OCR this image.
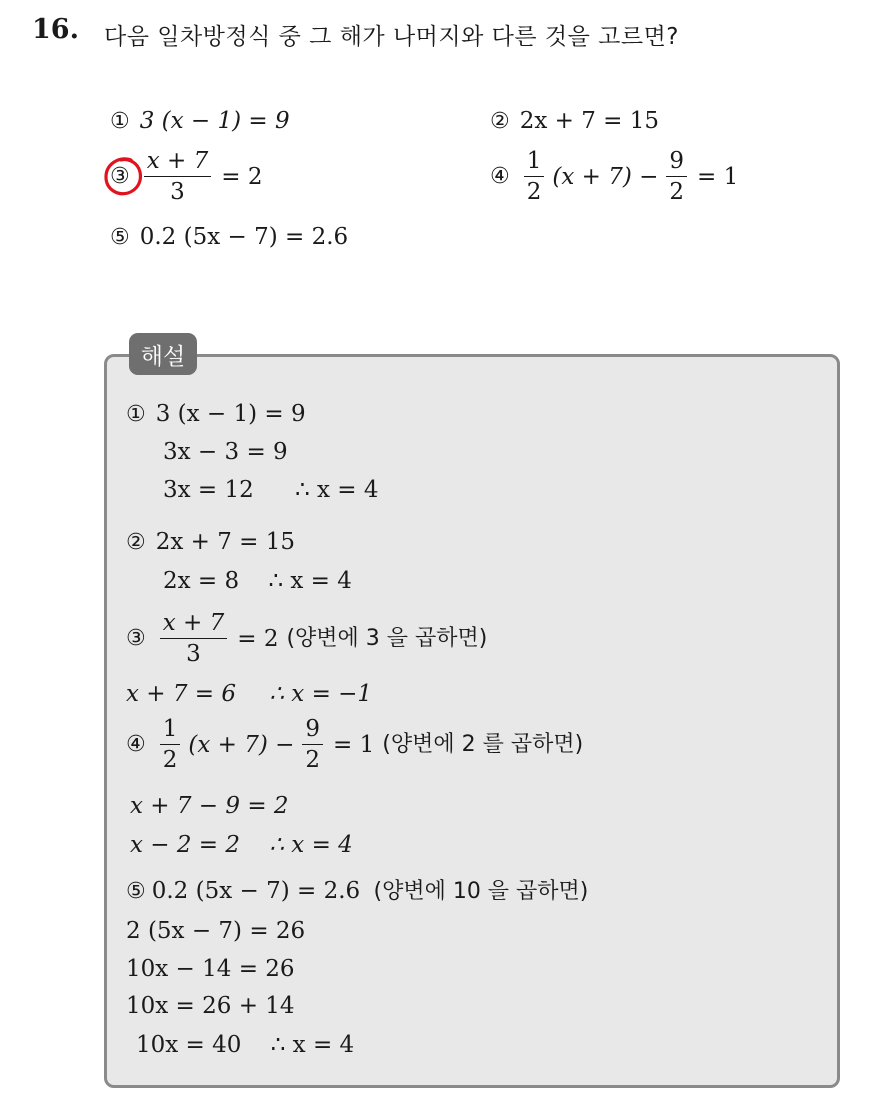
16. 다음 일차방정식 중 그 해가 나머지와 다른 것을 고르면?
① 3 (x − 1) = 9	② 2x + 7 = 15
③ $\frac{x + 7}{3} = 2$	④ $\frac{1}{2} (x + 7) - \frac{9}{2} = 1$
⑤ 0.2 (5x − 7) = 2.6
해설
① 3 (x − 1) = 9
3x − 3 = 9
3x = 12 ∴ x = 4
② 2x + 7 = 15
2x = 8 ∴ x = 4
③ $\frac{x + 7}{3} = 2$ (양변에 3 을 곱하면)
x + 7 = 6 ∴ x = −1
④ $\frac{1}{2} (x + 7) - \frac{9}{2} = 1$ (양변에 2 를 곱하면)
x + 7 − 9 = 2
x − 2 = 2 ∴ x = 4
⑤ 0.2 (5x − 7) = 2.6 (양변에 10 을 곱하면)
2 (5x − 7) = 26
10x − 14 = 26
10x = 26 + 14
10x = 40 ∴ x = 4
